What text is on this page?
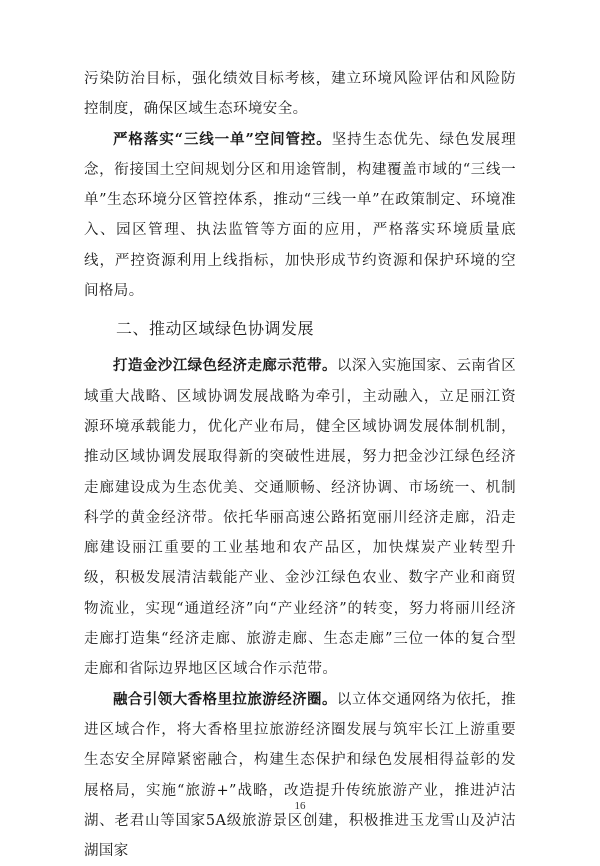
污染防治目标，强化绩效目标考核，建立环境风险评估和风险防控制度，确保区域生态环境安全。

严格落实“三线一单”空间管控。坚持生态优先、绿色发展理念，衔接国土空间规划分区和用途管制，构建覆盖市域的“三线一单”生态环境分区管控体系，推动“三线一单”在政策制定、环境准入、园区管理、执法监管等方面的应用，严格落实环境质量底线，严控资源利用上线指标，加快形成节约资源和保护环境的空间格局。

二、推动区域绿色协调发展

打造金沙江绿色经济走廊示范带。以深入实施国家、云南省区域重大战略、区域协调发展战略为牵引，主动融入，立足丽江资源环境承载能力，优化产业布局，健全区域协调发展体制机制，推动区域协调发展取得新的突破性进展，努力把金沙江绿色经济走廊建设成为生态优美、交通顺畅、经济协调、市场统一、机制科学的黄金经济带。依托华丽高速公路拓宽丽川经济走廊，沿走廊建设丽江重要的工业基地和农产品区，加快煤炭产业转型升级，积极发展清洁载能产业、金沙江绿色农业、数字产业和商贸物流业，实现“通道经济”向“产业经济”的转变，努力将丽川经济走廊打造集“经济走廊、旅游走廊、生态走廊”三位一体的复合型走廊和省际边界地区区域合作示范带。

融合引领大香格里拉旅游经济圈。以立体交通网络为依托，推进区域合作，将大香格里拉旅游经济圈发展与筑牢长江上游重要生态安全屏障紧密融合，构建生态保护和绿色发展相得益彰的发展格局，实施“旅游+”战略，改造提升传统旅游产业，推进泸沽湖、老君山等国家5A级旅游景区创建，积极推进玉龙雪山及泸沽湖国家

16
